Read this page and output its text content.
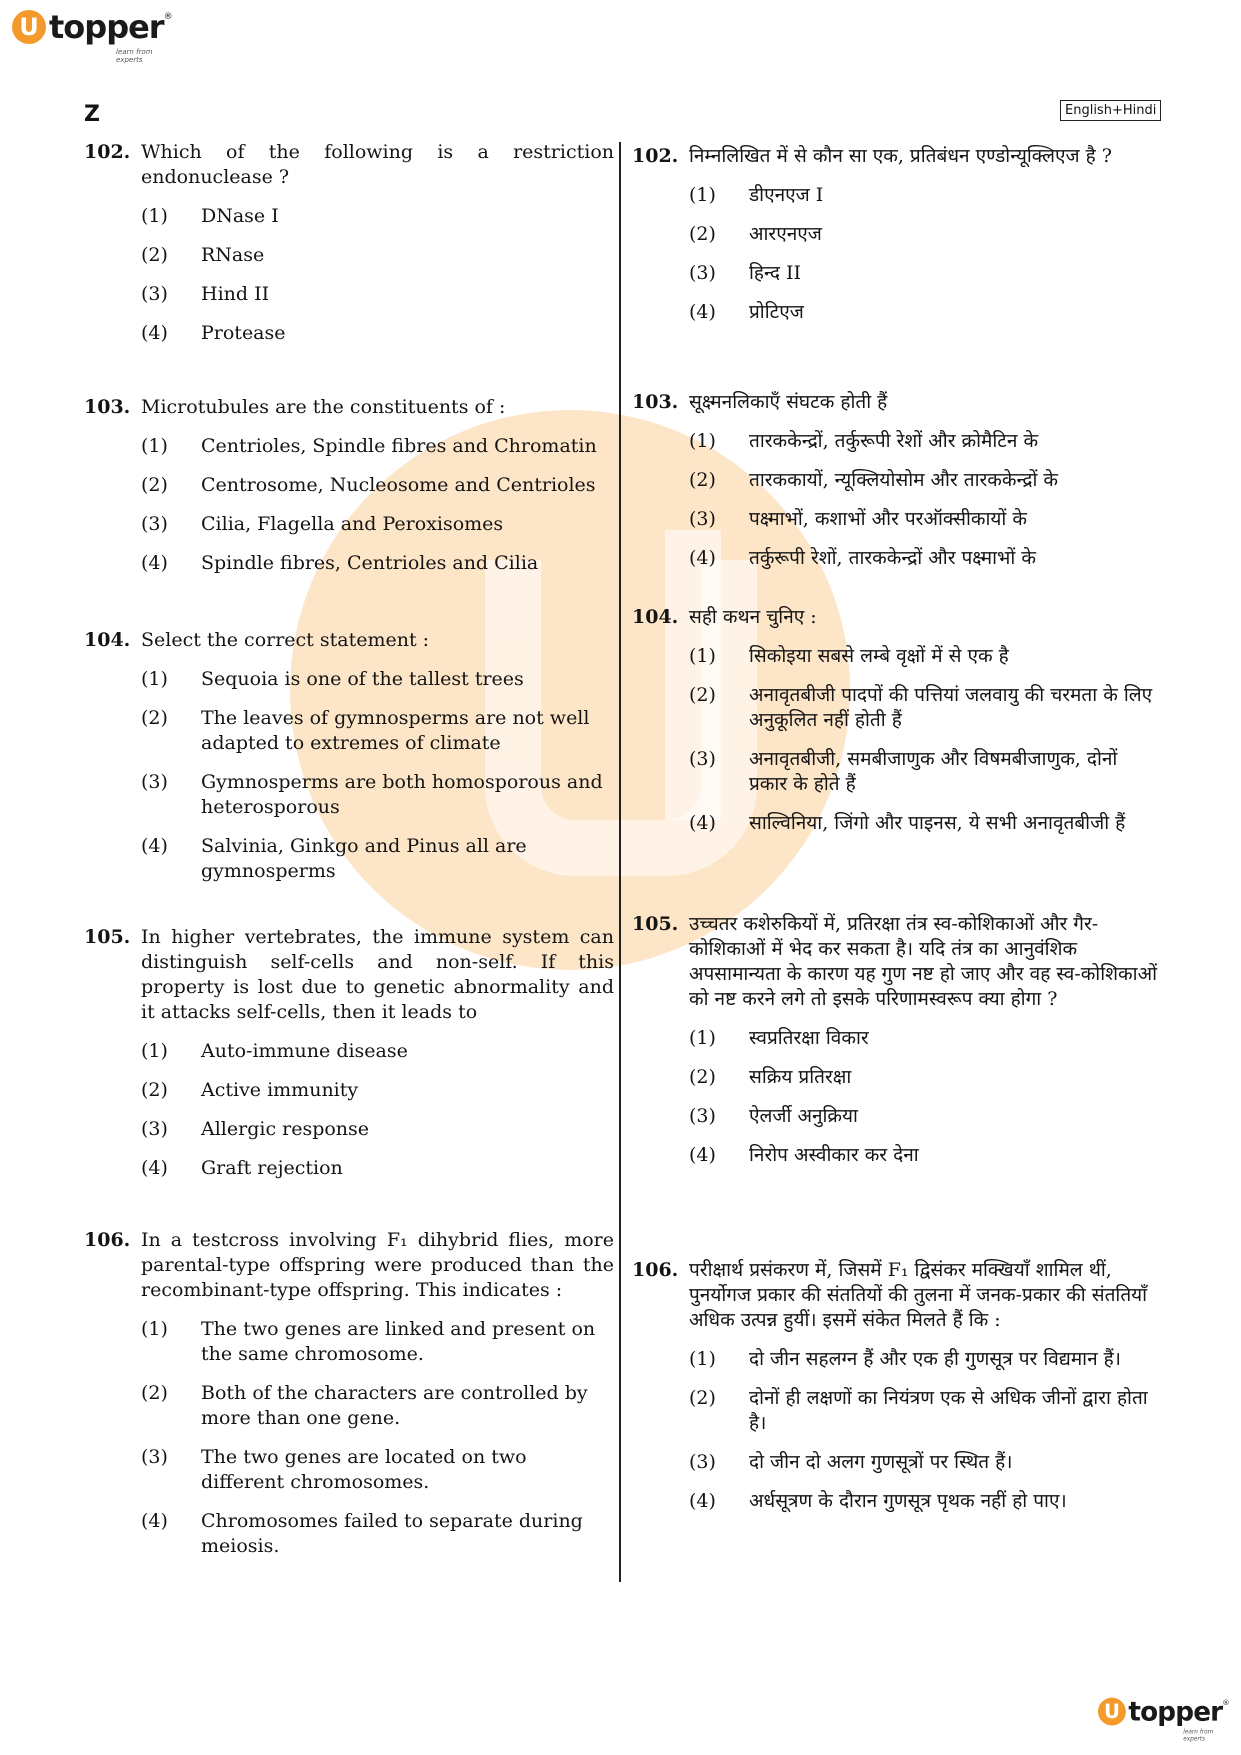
U topper ®
learn from experts
Z	English+Hindi
102. Which of the following is a restriction endonuclease ?
(1) DNase I
(2) RNase
(3) Hind II
(4) Protease
102. निम्नलिखित में से कौन सा एक, प्रतिबंधन एण्डोन्यूक्लिएज है ?
(1) डीएनएज I
(2) आरएनएज
(3) हिन्द II
(4) प्रोटिएज
103. Microtubules are the constituents of :
(1) Centrioles, Spindle fibres and Chromatin
(2) Centrosome, Nucleosome and Centrioles
(3) Cilia, Flagella and Peroxisomes
(4) Spindle fibres, Centrioles and Cilia
103. सूक्ष्मनलिकाएँ संघटक होती हैं
(1) तारककेन्द्रों, तर्कुरूपी रेशों और क्रोमैटिन के
(2) तारककायों, न्यूक्लियोसोम और तारककेन्द्रों के
(3) पक्ष्माभों, कशाभों और परऑक्सीकायों के
(4) तर्कुरूपी रेशों, तारककेन्द्रों और पक्ष्माभों के
104. Select the correct statement :
(1) Sequoia is one of the tallest trees
(2) The leaves of gymnosperms are not well adapted to extremes of climate
(3) Gymnosperms are both homosporous and heterosporous
(4) Salvinia, Ginkgo and Pinus all are gymnosperms
104. सही कथन चुनिए :
(1) सिकोइया सबसे लम्बे वृक्षों में से एक है
(2) अनावृतबीजी पादपों की पत्तियां जलवायु की चरमता के लिए अनुकूलित नहीं होती हैं
(3) अनावृतबीजी, समबीजाणुक और विषमबीजाणुक, दोनों प्रकार के होते हैं
(4) साल्विनिया, जिंगो और पाइनस, ये सभी अनावृतबीजी हैं
105. In higher vertebrates, the immune system can distinguish self-cells and non-self. If this property is lost due to genetic abnormality and it attacks self-cells, then it leads to
(1) Auto-immune disease
(2) Active immunity
(3) Allergic response
(4) Graft rejection
105. उच्चतर कशेरुकियों में, प्रतिरक्षा तंत्र स्व-कोशिकाओं और गैर-कोशिकाओं में भेद कर सकता है। यदि तंत्र का आनुवंशिक अपसामान्यता के कारण यह गुण नष्ट हो जाए और वह स्व-कोशिकाओं को नष्ट करने लगे तो इसके परिणामस्वरूप क्या होगा ?
(1) स्वप्रतिरक्षा विकार
(2) सक्रिय प्रतिरक्षा
(3) ऐलर्जी अनुक्रिया
(4) निरोप अस्वीकार कर देना
106. In a testcross involving F₁ dihybrid flies, more parental-type offspring were produced than the recombinant-type offspring. This indicates :
(1) The two genes are linked and present on the same chromosome.
(2) Both of the characters are controlled by more than one gene.
(3) The two genes are located on two different chromosomes.
(4) Chromosomes failed to separate during meiosis.
106. परीक्षार्थ प्रसंकरण में, जिसमें F₁ द्विसंकर मक्खियाँ शामिल थीं, पुनर्योगज प्रकार की संततियों की तुलना में जनक-प्रकार की संततियाँ अधिक उत्पन्न हुयीं। इसमें संकेत मिलते हैं कि :
(1) दो जीन सहलग्न हैं और एक ही गुणसूत्र पर विद्यमान हैं।
(2) दोनों ही लक्षणों का नियंत्रण एक से अधिक जीनों द्वारा होता है।
(3) दो जीन दो अलग गुणसूत्रों पर स्थित हैं।
(4) अर्धसूत्रण के दौरान गुणसूत्र पृथक नहीं हो पाए।
U topper ®
learn from experts
